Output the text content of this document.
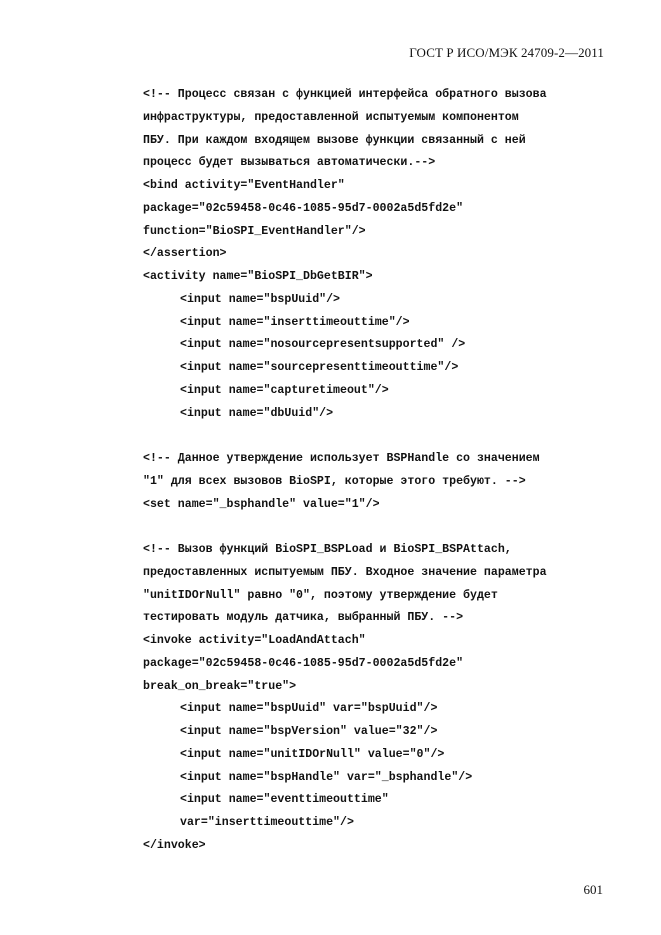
ГОСТ Р ИСО/МЭК 24709-2—2011
<!-- Процесс связан с функцией интерфейса обратного вызова
инфраструктуры, предоставленной испытуемым компонентом
ПБУ. При каждом входящем вызове функции связанный с ней
процесс будет вызываться автоматически.-->
<bind activity="EventHandler"
package="02c59458-0c46-1085-95d7-0002a5d5fd2e"
function="BioSPI_EventHandler"/>
</assertion>
<activity name="BioSPI_DbGetBIR">
<input name="bspUuid"/>
<input name="inserttimeouttime"/>
<input name="nosourcepresentsupported" />
<input name="sourcepresenttimeouttime"/>
<input name="capturetimeout"/>
<input name="dbUuid"/>
<!-- Данное утверждение использует BSPHandle со значением
"1" для всех вызовов BioSPI, которые этого требуют. -->
<set name="_bsphandle" value="1"/>
<!-- Вызов функций BioSPI_BSPLoad и BioSPI_BSPAttach,
предоставленных испытуемым ПБУ. Входное значение параметра
"unitIDOrNull" равно "0", поэтому утверждение будет
тестировать модуль датчика, выбранный ПБУ. -->
<invoke activity="LoadAndAttach"
package="02c59458-0c46-1085-95d7-0002a5d5fd2e"
break_on_break="true">
<input name="bspUuid" var="bspUuid"/>
<input name="bspVersion" value="32"/>
<input name="unitIDOrNull" value="0"/>
<input name="bspHandle" var="_bsphandle"/>
<input name="eventtimeouttime"
var="inserttimeouttime"/>
</invoke>
601
